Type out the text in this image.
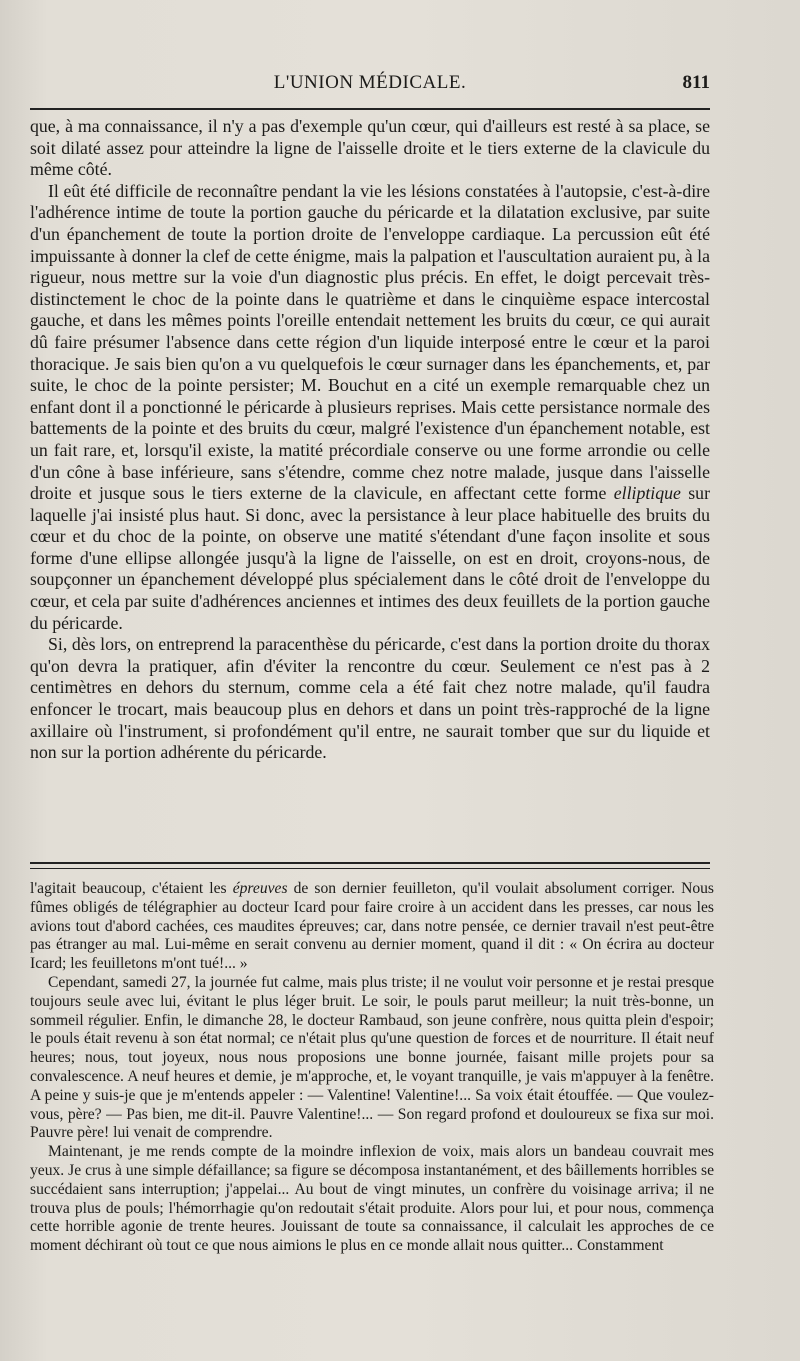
L'UNION MÉDICALE.	811

que, à ma connaissance, il n'y a pas d'exemple qu'un cœur, qui d'ailleurs est resté à sa place, se soit dilaté assez pour atteindre la ligne de l'aisselle droite et le tiers externe de la clavicule du même côté.

Il eût été difficile de reconnaître pendant la vie les lésions constatées à l'autopsie, c'est-à-dire l'adhérence intime de toute la portion gauche du péricarde et la dilatation exclusive, par suite d'un épanchement de toute la portion droite de l'enveloppe cardiaque. La percussion eût été impuissante à donner la clef de cette énigme, mais la palpation et l'auscultation auraient pu, à la rigueur, nous mettre sur la voie d'un diagnostic plus précis. En effet, le doigt percevait très-distinctement le choc de la pointe dans le quatrième et dans le cinquième espace intercostal gauche, et dans les mêmes points l'oreille entendait nettement les bruits du cœur, ce qui aurait dû faire présumer l'absence dans cette région d'un liquide interposé entre le cœur et la paroi thoracique. Je sais bien qu'on a vu quelquefois le cœur surnager dans les épanchements, et, par suite, le choc de la pointe persister; M. Bouchut en a cité un exemple remarquable chez un enfant dont il a ponctionné le péricarde à plusieurs reprises. Mais cette persistance normale des battements de la pointe et des bruits du cœur, malgré l'existence d'un épanchement notable, est un fait rare, et, lorsqu'il existe, la matité précordiale conserve ou une forme arrondie ou celle d'un cône à base inférieure, sans s'étendre, comme chez notre malade, jusque dans l'aisselle droite et jusque sous le tiers externe de la clavicule, en affectant cette forme elliptique sur laquelle j'ai insisté plus haut. Si donc, avec la persistance à leur place habituelle des bruits du cœur et du choc de la pointe, on observe une matité s'étendant d'une façon insolite et sous forme d'une ellipse allongée jusqu'à la ligne de l'aisselle, on est en droit, croyons-nous, de soupçonner un épanchement développé plus spécialement dans le côté droit de l'enveloppe du cœur, et cela par suite d'adhérences anciennes et intimes des deux feuillets de la portion gauche du péricarde.

Si, dès lors, on entreprend la paracenthèse du péricarde, c'est dans la portion droite du thorax qu'on devra la pratiquer, afin d'éviter la rencontre du cœur. Seulement ce n'est pas à 2 centimètres en dehors du sternum, comme cela a été fait chez notre malade, qu'il faudra enfoncer le trocart, mais beaucoup plus en dehors et dans un point très-rapproché de la ligne axillaire où l'instrument, si profondément qu'il entre, ne saurait tomber que sur du liquide et non sur la portion adhérente du péricarde.

l'agitait beaucoup, c'étaient les épreuves de son dernier feuilleton, qu'il voulait absolument corriger. Nous fûmes obligés de télégraphier au docteur Icard pour faire croire à un accident dans les presses, car nous les avions tout d'abord cachées, ces maudites épreuves; car, dans notre pensée, ce dernier travail n'est peut-être pas étranger au mal. Lui-même en serait convenu au dernier moment, quand il dit : « On écrira au docteur Icard; les feuilletons m'ont tué!... »

Cependant, samedi 27, la journée fut calme, mais plus triste; il ne voulut voir personne et je restai presque toujours seule avec lui, évitant le plus léger bruit. Le soir, le pouls parut meilleur; la nuit très-bonne, un sommeil régulier. Enfin, le dimanche 28, le docteur Rambaud, son jeune confrère, nous quitta plein d'espoir; le pouls était revenu à son état normal; ce n'était plus qu'une question de forces et de nourriture. Il était neuf heures; nous, tout joyeux, nous nous proposions une bonne journée, faisant mille projets pour sa convalescence. A neuf heures et demie, je m'approche, et, le voyant tranquille, je vais m'appuyer à la fenêtre. A peine y suis-je que je m'entends appeler : — Valentine! Valentine!... Sa voix était étouffée. — Que voulez-vous, père? — Pas bien, me dit-il. Pauvre Valentine!... — Son regard profond et douloureux se fixa sur moi. Pauvre père! lui venait de comprendre.

Maintenant, je me rends compte de la moindre inflexion de voix, mais alors un bandeau couvrait mes yeux. Je crus à une simple défaillance; sa figure se décomposa instantanément, et des bâillements horribles se succédaient sans interruption; j'appelai... Au bout de vingt minutes, un confrère du voisinage arriva; il ne trouva plus de pouls; l'hémorrhagie qu'on redoutait s'était produite. Alors pour lui, et pour nous, commença cette horrible agonie de trente heures. Jouissant de toute sa connaissance, il calculait les approches de ce moment déchirant où tout ce que nous aimions le plus en ce monde allait nous quitter... Constamment
